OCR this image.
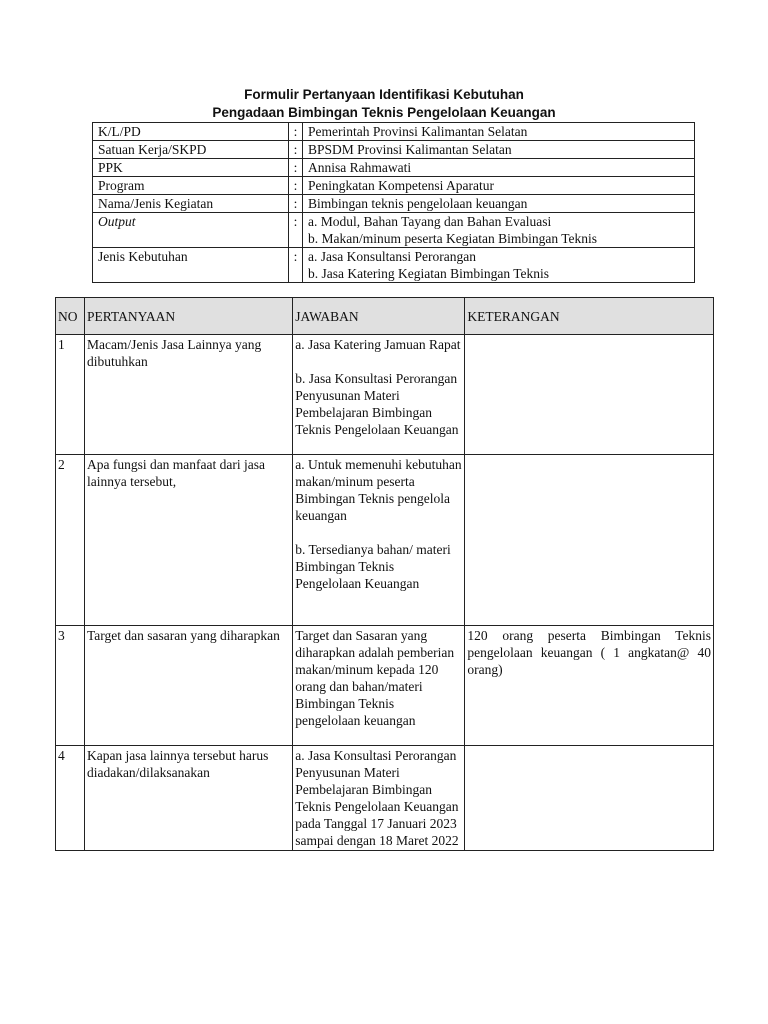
Formulir Pertanyaan Identifikasi Kebutuhan
Pengadaan Bimbingan Teknis Pengelolaan Keuangan
K/L/PD	:	Pemerintah Provinsi Kalimantan Selatan
Satuan Kerja/SKPD	:	BPSDM Provinsi Kalimantan Selatan
PPK	:	Annisa Rahmawati
Program	:	Peningkatan Kompetensi Aparatur
Nama/Jenis Kegiatan	:	Bimbingan teknis pengelolaan keuangan
Output	:	a. Modul, Bahan Tayang dan Bahan Evaluasi
b. Makan/minum peserta Kegiatan Bimbingan Teknis

Jenis Kebutuhan	:	a. Jasa Konsultansi Perorangan
b. Jasa Katering Kegiatan Bimbingan Teknis
NO	PERTANYAAN	JAWABAN	KETERANGAN
1	Macam/Jenis Jasa Lainnya yang dibutuhkan	a. Jasa Katering Jamuan Rapat
b. Jasa Konsultasi Perorangan Penyusunan Materi Pembelajaran Bimbingan Teknis Pengelolaan Keuangan	

2	Apa fungsi dan manfaat dari jasa lainnya tersebut,	a. Untuk memenuhi kebutuhan makan/minum peserta Bimbingan Teknis pengelola keuangan
b. Tersedianya bahan/ materi Bimbingan Teknis Pengelolaan Keuangan	

3	Target dan sasaran yang diharapkan	Target dan Sasaran yang diharapkan adalah pemberian makan/minum kepada 120 orang dan bahan/materi Bimbingan Teknis pengelolaan keuangan	120 orang peserta Bimbingan Teknis pengelolaan keuangan ( 1 angkatan@ 40 orang)
4	Kapan jasa lainnya tersebut harus diadakan/dilaksanakan	a. Jasa Konsultasi Perorangan Penyusunan Materi Pembelajaran Bimbingan Teknis Pengelolaan Keuangan pada Tanggal 17 Januari 2023 sampai dengan 18 Maret 2022	
